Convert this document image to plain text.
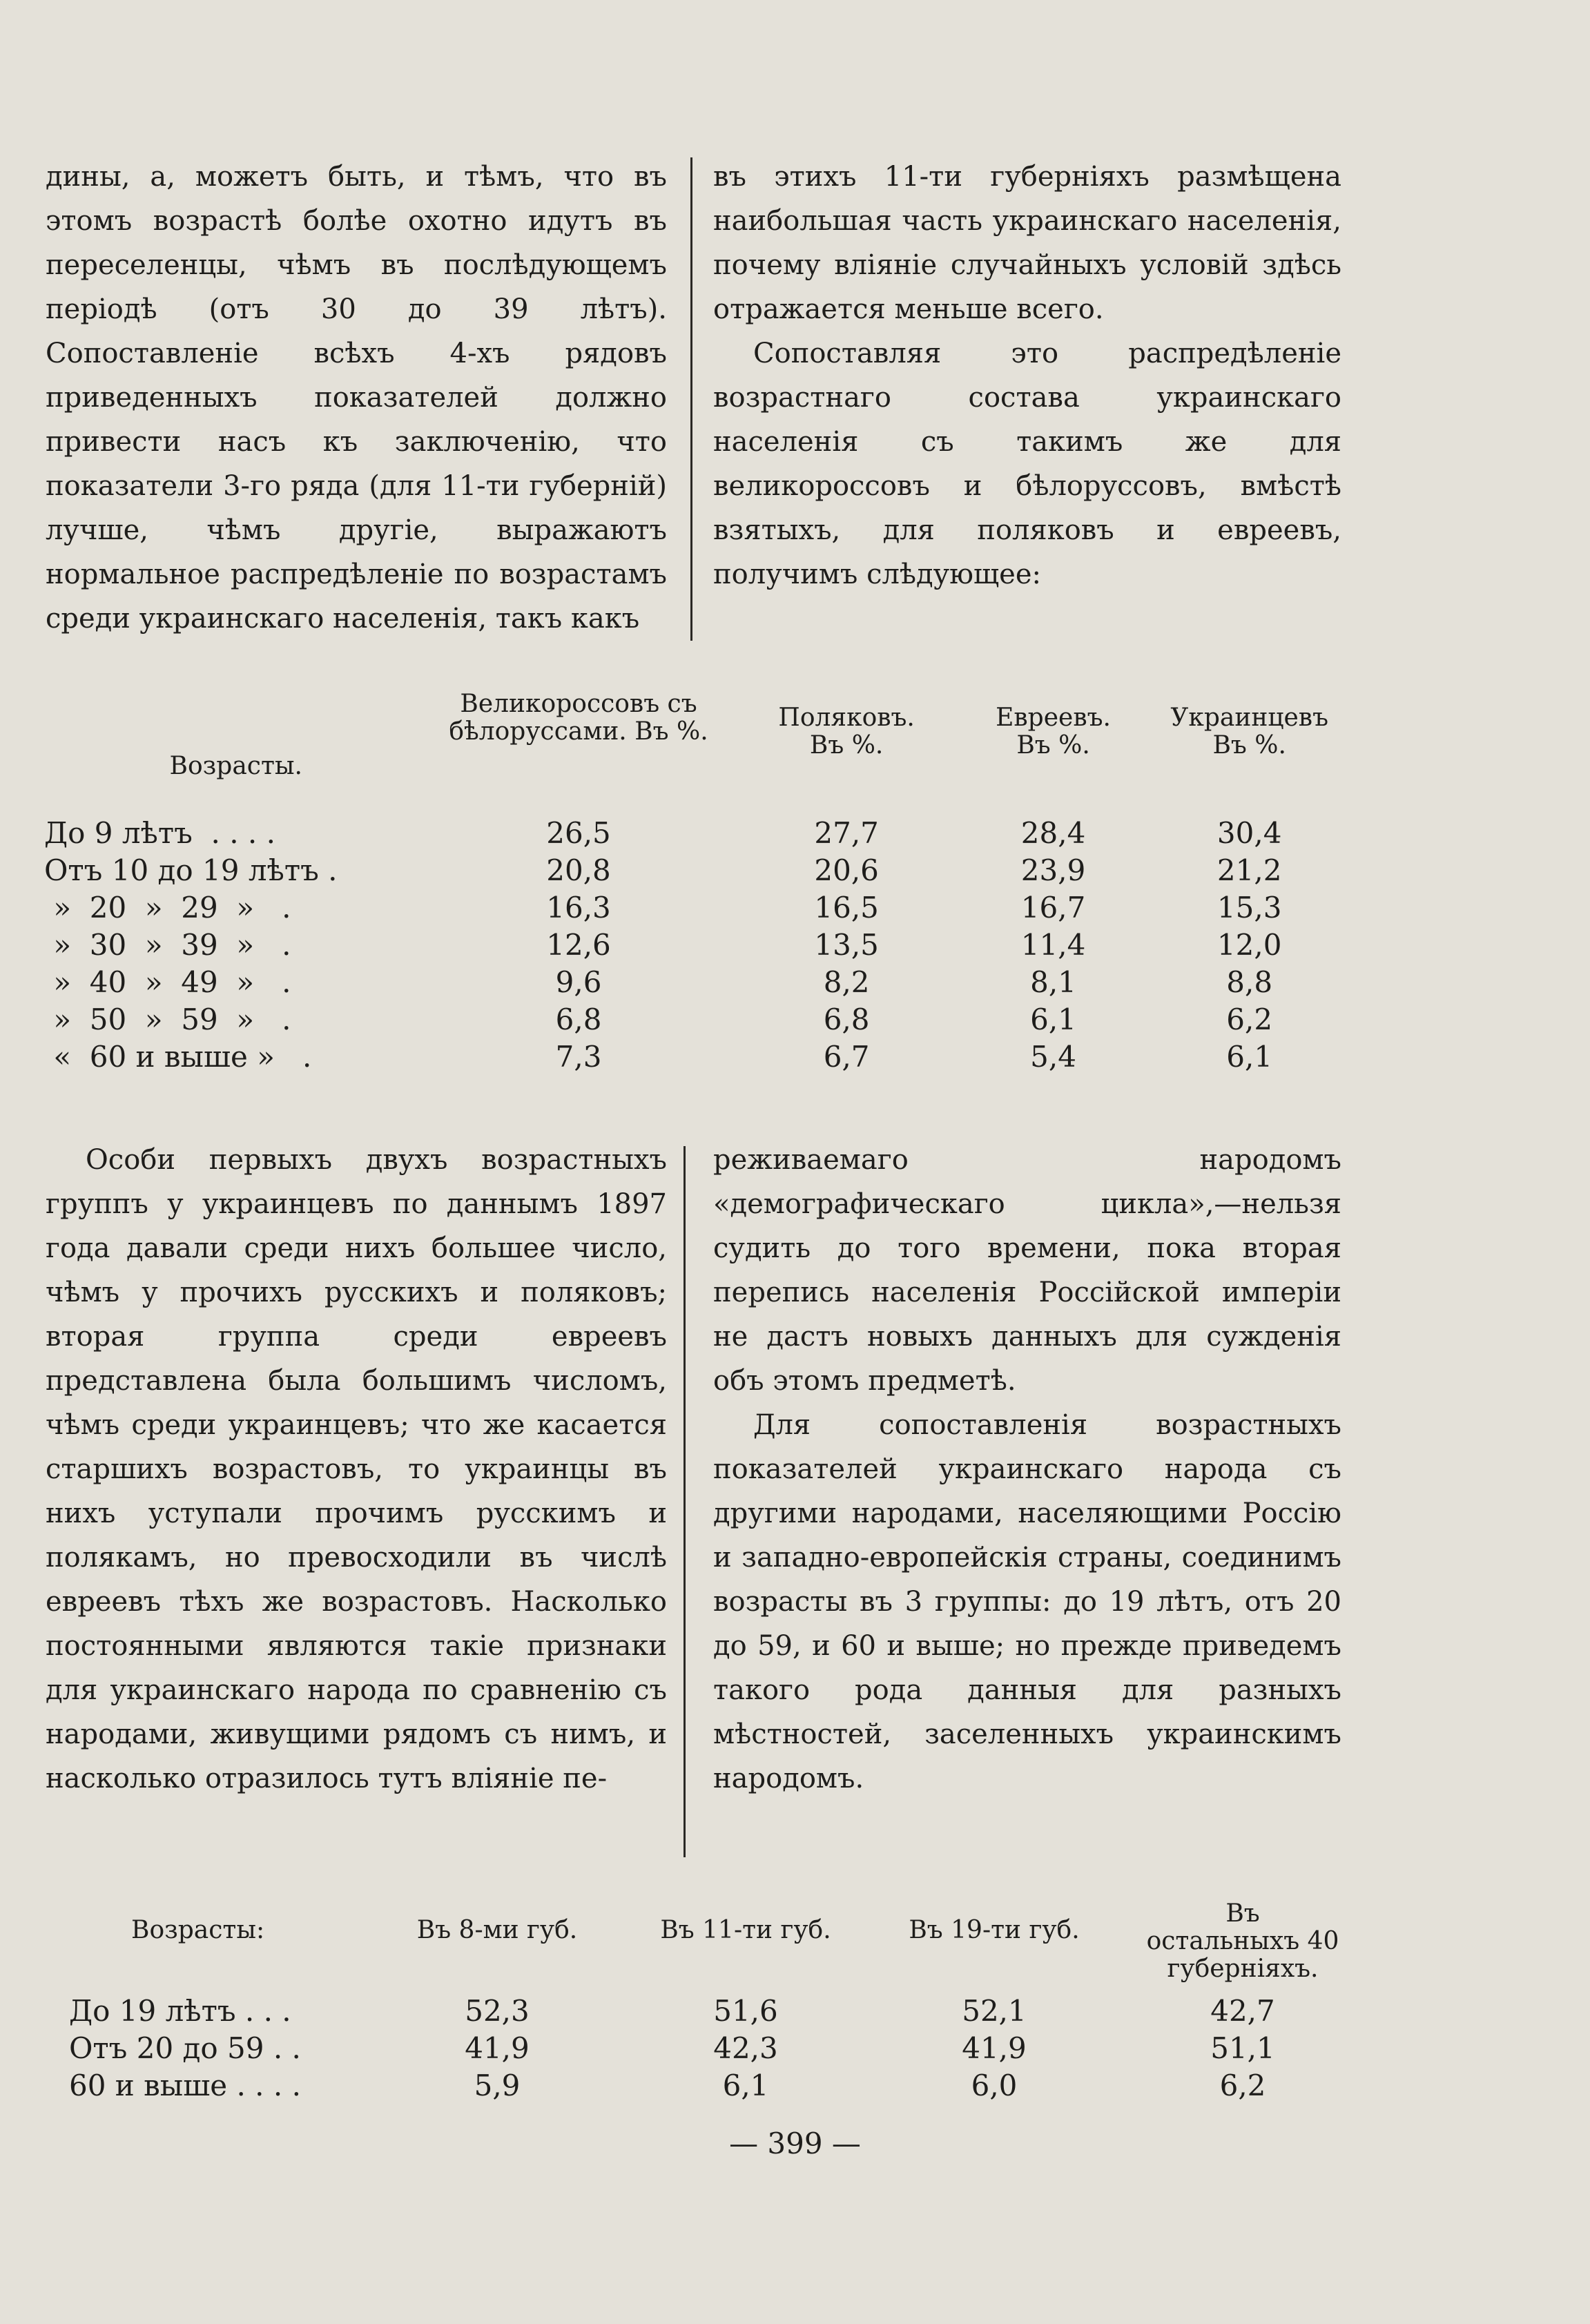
дины, а, можетъ быть, и тѣмъ, что въ этомъ возрастѣ болѣе охотно идутъ въ переселенцы, чѣмъ въ послѣдующемъ періодѣ (отъ 30 до 39 лѣтъ). Сопоставленіе всѣхъ 4-хъ рядовъ приведенныхъ показателей должно привести насъ къ заключенію, что показатели 3-го ряда (для 11-ти губерній) лучше, чѣмъ другіе, выражаютъ нормальное распредѣленіе по возрастамъ среди украинскаго населенія, такъ какъ

въ этихъ 11-ти губерніяхъ размѣщена наибольшая часть украинскаго населенія, почему вліяніе случайныхъ условій здѣсь отражается меньше всего.

Сопоставляя это распредѣленіе возрастнаго состава украинскаго населенія съ такимъ же для великороссовъ и бѣлоруссовъ, вмѣстѣ взятыхъ, для поляковъ и евреевъ, получимъ слѣдующее:

Возрасты.	Великороссовъ съ бѣлоруссами. Въ %.	Поляковъ. Въ %.	Евреевъ. Въ %.	Украинцевъ Въ %.
До 9 лѣтъ  . . . .	26,5	27,7	28,4	30,4
Отъ 10 до 19 лѣтъ .	20,8	20,6	23,9	21,2
»  20  »  29  »   .	16,3	16,5	16,7	15,3
»  30  »  39  »   .	12,6	13,5	11,4	12,0
»  40  »  49  »   .	9,6	8,2	8,1	8,8
»  50  »  59  »   .	6,8	6,8	6,1	6,2
«  60 и выше »   .	7,3	6,7	5,4	6,1

Особи первыхъ двухъ возрастныхъ группъ у украинцевъ по даннымъ 1897 года давали среди нихъ большее число, чѣмъ у прочихъ русскихъ и поляковъ; вторая группа среди евреевъ представлена была большимъ числомъ, чѣмъ среди украинцевъ; что же касается старшихъ возрастовъ, то украинцы въ нихъ уступали прочимъ русскимъ и полякамъ, но превосходили въ числѣ евреевъ тѣхъ же возрастовъ. Насколько постоянными являются такіе признаки для украинскаго народа по сравненію съ народами, живущими рядомъ съ нимъ, и насколько отразилось тутъ вліяніе пе-

реживаемаго народомъ «демографическаго цикла»,—нельзя судить до того времени, пока вторая перепись населенія Россійской имперіи не дастъ новыхъ данныхъ для сужденія объ этомъ предметѣ.

Для сопоставленія возрастныхъ показателей украинскаго народа съ другими народами, населяющими Россію и западно-европейскія страны, соединимъ возрасты въ 3 группы: до 19 лѣтъ, отъ 20 до 59, и 60 и выше; но прежде приведемъ такого рода данныя для разныхъ мѣстностей, заселенныхъ украинскимъ народомъ.

Возрасты:	Въ 8-ми губ.	Въ 11-ти губ.	Въ 19-ти губ.	Въ остальныхъ 40 губерніяхъ.
До 19 лѣтъ . . .	52,3	51,6	52,1	42,7
Отъ 20 до 59 . .	41,9	42,3	41,9	51,1
60 и выше . . . .	5,9	6,1	6,0	6,2
— 399 —
